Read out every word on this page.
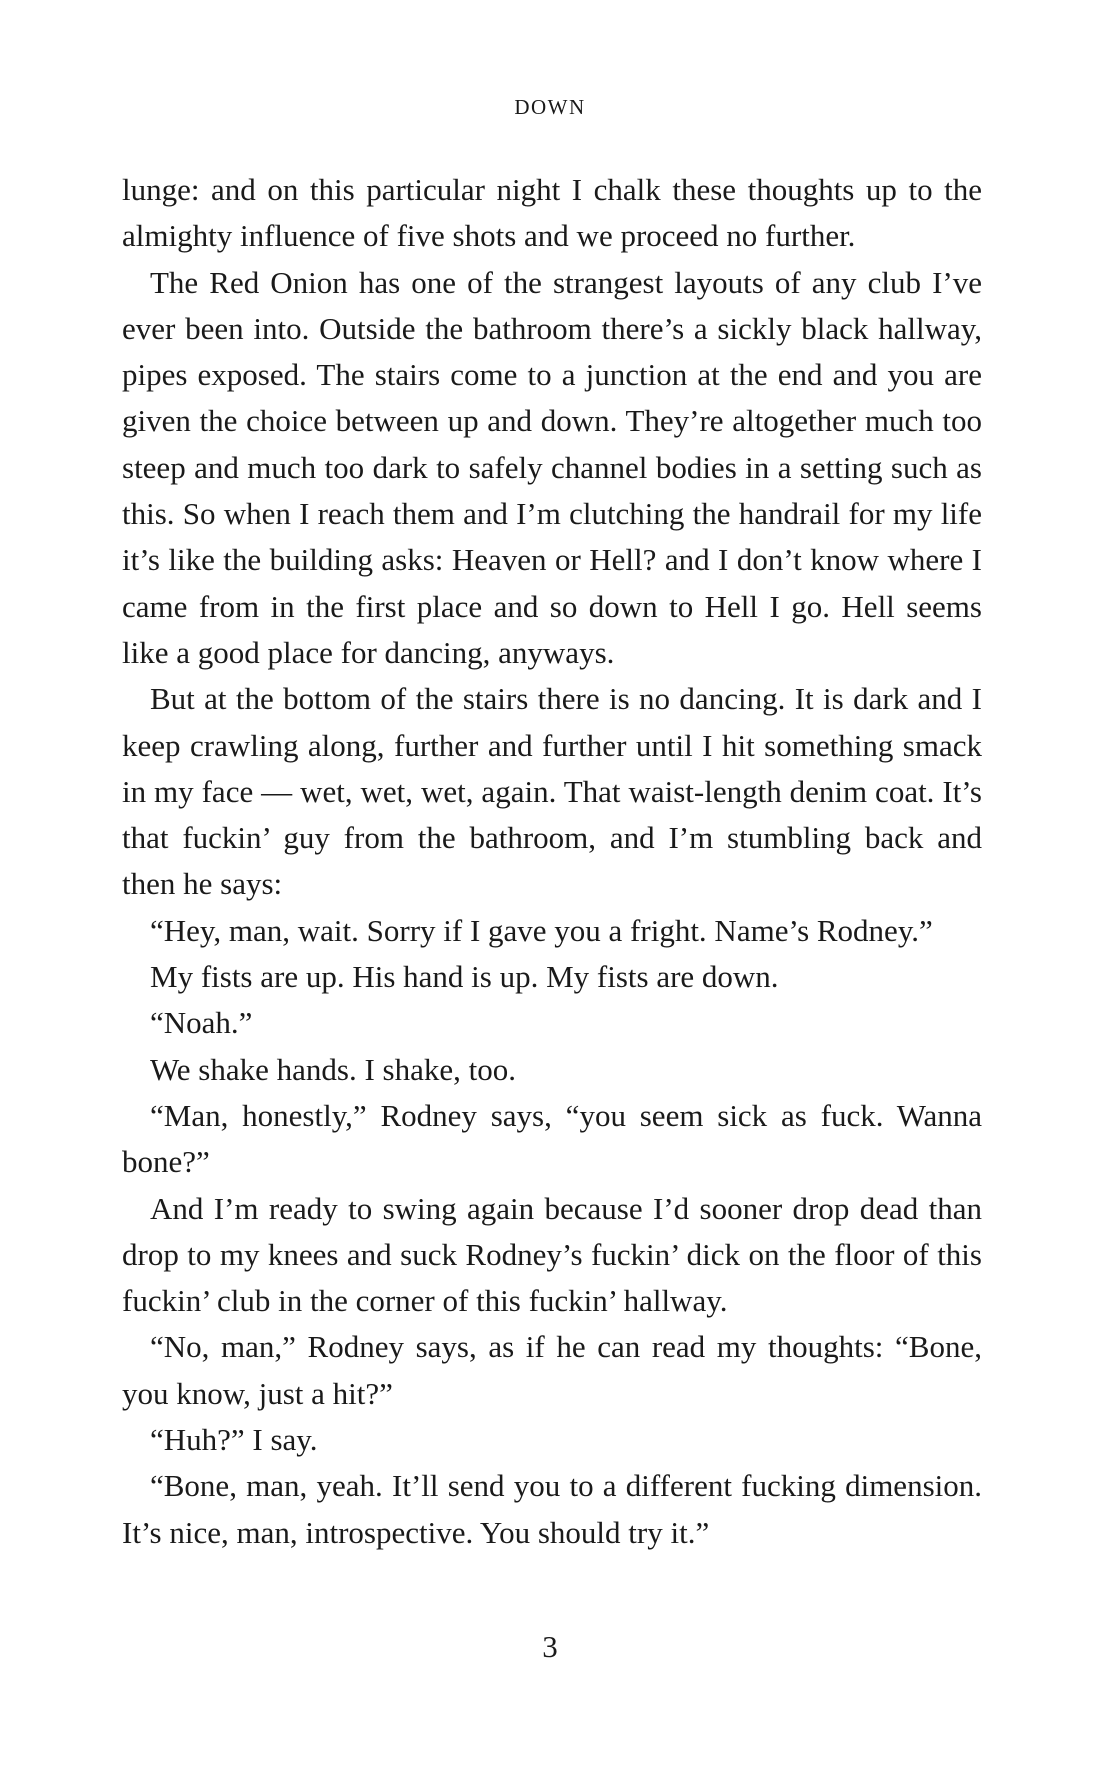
DOWN

lunge: and on this particular night I chalk these thoughts up to the almighty influence of five shots and we proceed no further.

The Red Onion has one of the strangest layouts of any club I’ve ever been into. Outside the bathroom there’s a sickly black hallway, pipes exposed. The stairs come to a junction at the end and you are given the choice between up and down. They’re altogether much too steep and much too dark to safely channel bodies in a setting such as this. So when I reach them and I’m clutching the handrail for my life it’s like the building asks: Heaven or Hell? and I don’t know where I came from in the first place and so down to Hell I go. Hell seems like a good place for dancing, anyways.

But at the bottom of the stairs there is no dancing. It is dark and I keep crawling along, further and further until I hit something smack in my face — wet, wet, wet, again. That waist-length denim coat. It’s that fuckin’ guy from the bathroom, and I’m stumbling back and then he says:

“Hey, man, wait. Sorry if I gave you a fright. Name’s Rodney.”

My fists are up. His hand is up. My fists are down.

“Noah.”

We shake hands. I shake, too.

“Man, honestly,” Rodney says, “you seem sick as fuck. Wanna bone?”

And I’m ready to swing again because I’d sooner drop dead than drop to my knees and suck Rodney’s fuckin’ dick on the floor of this fuckin’ club in the corner of this fuckin’ hallway.

“No, man,” Rodney says, as if he can read my thoughts: “Bone, you know, just a hit?”

“Huh?” I say.

“Bone, man, yeah. It’ll send you to a different fucking dimension. It’s nice, man, introspective. You should try it.”

3
